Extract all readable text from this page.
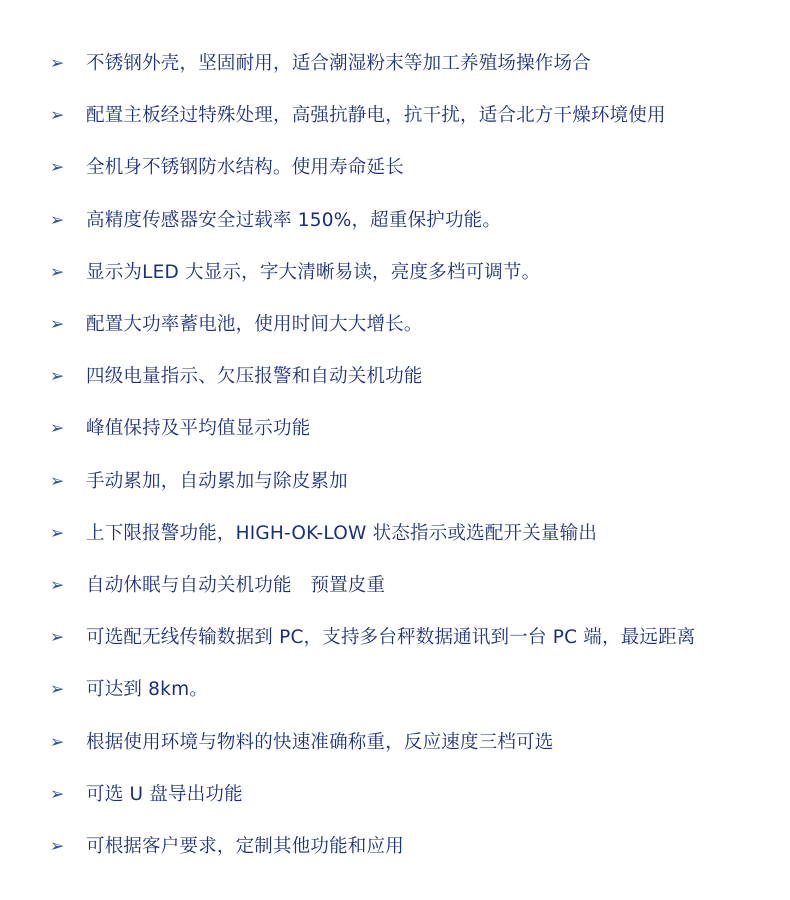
➢ 不锈钢外壳，坚固耐用，适合潮湿粉末等加工养殖场操作场合
➢ 配置主板经过特殊处理，高强抗静电，抗干扰，适合北方干燥环境使用
➢ 全机身不锈钢防水结构。使用寿命延长
➢ 高精度传感器安全过载率 150%，超重保护功能。
➢ 显示为LED 大显示，字大清晰易读，亮度多档可调节。
➢ 配置大功率蓄电池，使用时间大大增长。
➢ 四级电量指示、欠压报警和自动关机功能
➢ 峰值保持及平均值显示功能
➢ 手动累加，自动累加与除皮累加
➢ 上下限报警功能，HIGH-OK-LOW 状态指示或选配开关量输出
➢ 自动休眠与自动关机功能　预置皮重
➢ 可选配无线传输数据到 PC，支持多台秤数据通讯到一台 PC 端，最远距离
➢ 可达到 8km。
➢ 根据使用环境与物料的快速准确称重，反应速度三档可选
➢ 可选 U 盘导出功能
➢ 可根据客户要求，定制其他功能和应用
